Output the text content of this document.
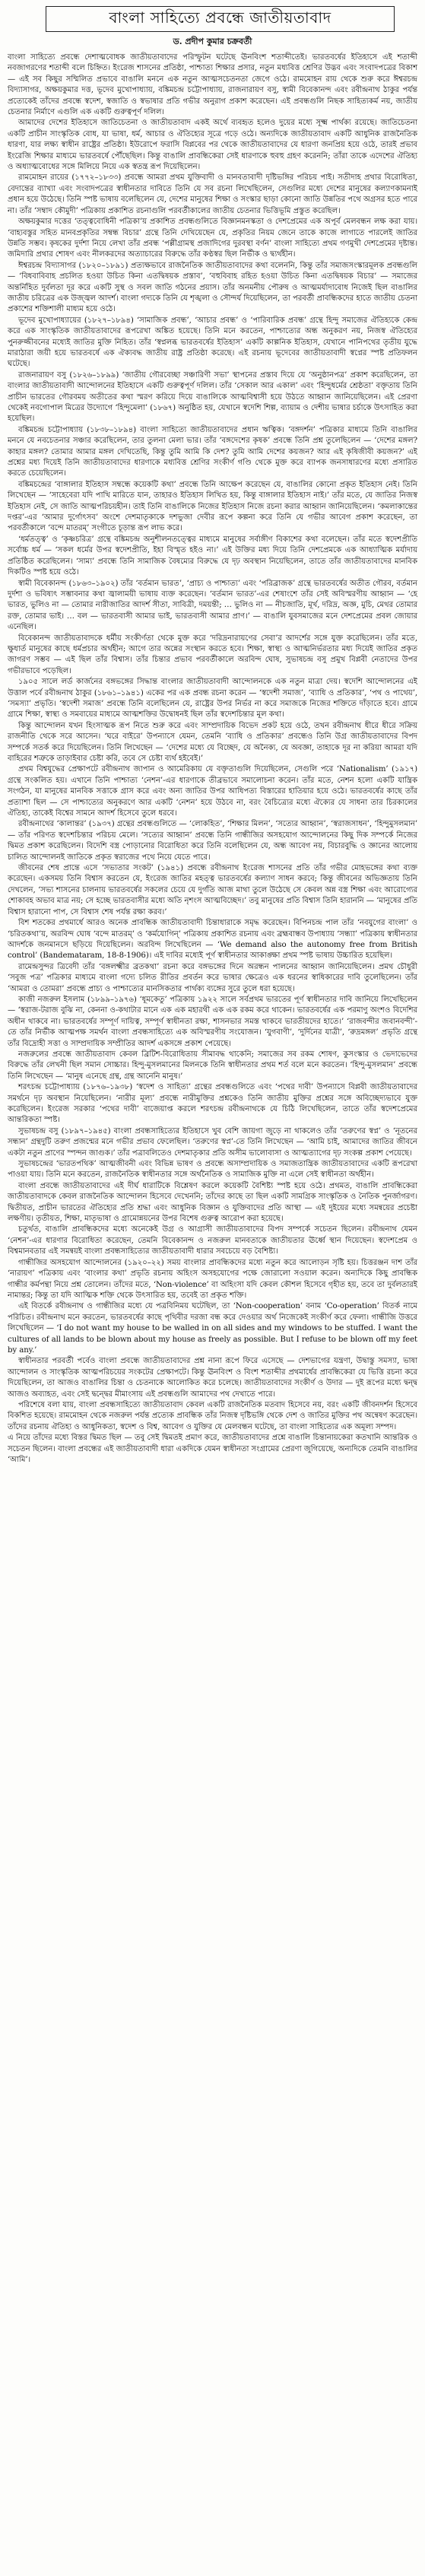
বাংলা সাহিত্যে প্রবন্ধে জাতীয়তাবাদ
ড. প্রদীপ কুমার চক্রবর্তী

বাংলা সাহিত্যে প্রবন্ধে দেশাত্মবোধক জাতীয়তাবাদের পরিস্ফুটন ঘটেছে ঊনবিংশ শতাব্দীতেই। ভারতবর্ষের ইতিহাসে এই শতাব্দী নবজাগরণের শতাব্দী বলে চিহ্নিত। ইংরেজ শাসনের প্রতিষ্ঠা, পাশ্চাত্য শিক্ষার প্রসার, নতুন মধ্যবিত্ত শ্রেণির উদ্ভব এবং সংবাদপত্রের বিকাশ — এই সব কিছুর সম্মিলিত প্রভাবে বাঙালি মননে এক নতুন আত্মসচেতনতা জেগে ওঠে। রামমোহন রায় থেকে শুরু করে ঈশ্বরচন্দ্র বিদ্যাসাগর, অক্ষয়কুমার দত্ত, ভূদেব মুখোপাধ্যায়, বঙ্কিমচন্দ্র চট্টোপাধ্যায়, রাজনারায়ণ বসু, স্বামী বিবেকানন্দ এবং রবীন্দ্রনাথ ঠাকুর পর্যন্ত প্রত্যেকেই তাঁদের প্রবন্ধে স্বদেশ, স্বজাতি ও স্বভাষার প্রতি গভীর অনুরাগ প্রকাশ করেছেন। এই প্রবন্ধগুলি নিছক সাহিত্যকর্ম নয়, জাতীয় চেতনার নির্মাণে এগুলি এক একটি গুরুত্বপূর্ণ দলিল।

আমাদের দেশের ইতিহাসে জাতিচেতনা ও জাতীয়তাবাদ একই অর্থে ব্যবহৃত হলেও দুয়ের মধ্যে সূক্ষ্ম পার্থক্য রয়েছে। জাতিচেতনা একটি প্রাচীন সাংস্কৃতিক বোধ, যা ভাষা, ধর্ম, আচার ও ঐতিহ্যের সূত্রে গড়ে ওঠে। অন্যদিকে জাতীয়তাবাদ একটি আধুনিক রাজনৈতিক ধারণা, যার লক্ষ্য স্বাধীন রাষ্ট্রের প্রতিষ্ঠা। ইউরোপে ফরাসি বিপ্লবের পর থেকে জাতীয়তাবাদের যে ধারণা জনপ্রিয় হয়ে ওঠে, তারই প্রভাব ইংরেজি শিক্ষার মাধ্যমে ভারতবর্ষে পৌঁছেছিল। কিন্তু বাঙালি প্রাবন্ধিকেরা সেই ধারণাকে হুবহু গ্রহণ করেননি; তাঁরা তাকে এদেশের ঐতিহ্য ও অধ্যাত্মবোধের সঙ্গে মিলিয়ে নিয়ে এক স্বতন্ত্র রূপ দিয়েছিলেন।

রামমোহন রায়ের (১৭৭২–১৮৩৩) প্রবন্ধে আমরা প্রথম যুক্তিবাদী ও মানবতাবাদী দৃষ্টিভঙ্গির পরিচয় পাই। সতীদাহ প্রথার বিরোধিতা, বেদান্তের ব্যাখ্যা এবং সংবাদপত্রের স্বাধীনতার দাবিতে তিনি যে সব রচনা লিখেছিলেন, সেগুলির মধ্যে দেশের মানুষের কল্যাণকামনাই প্রধান হয়ে উঠেছে। তিনি স্পষ্ট ভাষায় বলেছিলেন যে, দেশের মানুষের শিক্ষা ও সংস্কার ছাড়া কোনো জাতি উন্নতির পথে অগ্রসর হতে পারে না। তাঁর ‘সম্বাদ কৌমুদী’ পত্রিকায় প্রকাশিত রচনাগুলি পরবর্তীকালের জাতীয় চেতনার ভিত্তিভূমি প্রস্তুত করেছিল।

অক্ষয়কুমার দত্তের ‘তত্ত্ববোধিনী পত্রিকা’য় প্রকাশিত প্রবন্ধগুলিতে বিজ্ঞানমনস্কতা ও দেশপ্রেমের এক অপূর্ব মেলবন্ধন লক্ষ করা যায়। ‘বাহ্যবস্তুর সহিত মানবপ্রকৃতির সম্বন্ধ বিচার’ গ্রন্থে তিনি দেখিয়েছেন যে, প্রকৃতির নিয়ম জেনে তাকে কাজে লাগাতে পারলেই জাতির উন্নতি সম্ভব। কৃষকের দুর্দশা নিয়ে লেখা তাঁর প্রবন্ধ ‘পল্লীগ্রামস্থ প্রজাদিগের দুরবস্থা বর্ণন’ বাংলা সাহিত্যে প্রথম গণমুখী দেশপ্রেমের দৃষ্টান্ত। জমিদারি প্রথার শোষণ এবং নীলকরদের অত্যাচারের বিরুদ্ধে তাঁর কণ্ঠস্বর ছিল নির্ভীক ও দ্ব্যর্থহীন।

ঈশ্বরচন্দ্র বিদ্যাসাগর (১৮২০–১৮৯১) প্রত্যক্ষভাবে রাজনৈতিক জাতীয়তাবাদের কথা বলেননি, কিন্তু তাঁর সমাজসংস্কারমূলক প্রবন্ধগুলি — ‘বিধবাবিবাহ প্রচলিত হওয়া উচিত কিনা এতদ্বিষয়ক প্রস্তাব’, ‘বহুবিবাহ রহিত হওয়া উচিত কিনা এতদ্বিষয়ক বিচার’ — সমাজের অন্তর্নিহিত দুর্বলতা দূর করে একটি সুস্থ ও সবল জাতি গঠনের প্রয়াস। তাঁর অনমনীয় পৌরুষ ও আত্মমর্যাদাবোধ নিজেই ছিল বাঙালির জাতীয় চরিত্রের এক উজ্জ্বল আদর্শ। বাংলা গদ্যকে তিনি যে শৃঙ্খলা ও সৌন্দর্য দিয়েছিলেন, তা পরবর্তী প্রাবন্ধিকদের হাতে জাতীয় চেতনা প্রকাশের শক্তিশালী মাধ্যম হয়ে ওঠে।

ভূদেব মুখোপাধ্যায়ের (১৮২৭–১৮৯৪) ‘সামাজিক প্রবন্ধ’, ‘আচার প্রবন্ধ’ ও ‘পারিবারিক প্রবন্ধ’ গ্রন্থে হিন্দু সমাজের ঐতিহ্যকে কেন্দ্র করে এক সাংস্কৃতিক জাতীয়তাবাদের রূপরেখা অঙ্কিত হয়েছে। তিনি মনে করতেন, পাশ্চাত্যের অন্ধ অনুকরণ নয়, নিজস্ব ঐতিহ্যের পুনরুজ্জীবনের মধ্যেই জাতির মুক্তি নিহিত। তাঁর ‘স্বপ্নলব্ধ ভারতবর্ষের ইতিহাস’ একটি কাল্পনিক ইতিহাস, যেখানে পানিপথের তৃতীয় যুদ্ধে মারাঠারা জয়ী হয়ে ভারতবর্ষে এক ঐক্যবদ্ধ জাতীয় রাষ্ট্র প্রতিষ্ঠা করেছে। এই রচনায় ভূদেবের জাতীয়তাবাদী স্বপ্নের স্পষ্ট প্রতিফলন ঘটেছে।

রাজনারায়ণ বসু (১৮২৬–১৮৯৯) ‘জাতীয় গৌরবেচ্ছা সঞ্চারিণী সভা’ স্থাপনের প্রস্তাব দিয়ে যে ‘অনুষ্ঠানপত্র’ প্রকাশ করেছিলেন, তা বাংলার জাতীয়তাবাদী আন্দোলনের ইতিহাসে একটি গুরুত্বপূর্ণ দলিল। তাঁর ‘সেকাল আর একাল’ এবং ‘হিন্দুধর্মের শ্রেষ্ঠতা’ বক্তৃতায় তিনি প্রাচীন ভারতের গৌরবময় অতীতের কথা স্মরণ করিয়ে দিয়ে বাঙালিকে আত্মবিশ্বাসী হয়ে উঠতে আহ্বান জানিয়েছিলেন। এই প্রেরণা থেকেই নবগোপাল মিত্রের উদ্যোগে ‘হিন্দুমেলা’ (১৮৬৭) অনুষ্ঠিত হয়, যেখানে স্বদেশি শিল্প, ব্যায়াম ও দেশীয় ভাষার চর্চাকে উৎসাহিত করা হয়েছিল।

বঙ্কিমচন্দ্র চট্টোপাধ্যায় (১৮৩৮–১৮৯৪) বাংলা সাহিত্যে জাতীয়তাবাদের প্রধান ঋত্বিক। ‘বঙ্গদর্শন’ পত্রিকার মাধ্যমে তিনি বাঙালির মননে যে নবচেতনার সঞ্চার করেছিলেন, তার তুলনা মেলা ভার। তাঁর ‘বঙ্গদেশের কৃষক’ প্রবন্ধে তিনি প্রশ্ন তুলেছিলেন — ‘দেশের মঙ্গল? কাহার মঙ্গল? তোমার আমার মঙ্গল দেখিতেছি, কিন্তু তুমি আমি কি দেশ? তুমি আমি দেশের কয়জন? আর এই কৃষিজীবী কয়জন?’ এই প্রশ্নের মধ্য দিয়েই তিনি জাতীয়তাবাদের ধারণাকে মধ্যবিত্ত শ্রেণির সংকীর্ণ গণ্ডি থেকে মুক্ত করে ব্যাপক জনসাধারণের মধ্যে প্রসারিত করতে চেয়েছিলেন।

বঙ্কিমচন্দ্রের ‘বাঙ্গালার ইতিহাস সম্বন্ধে কয়েকটি কথা’ প্রবন্ধে তিনি আক্ষেপ করেছেন যে, বাঙালির কোনো প্রকৃত ইতিহাস নেই। তিনি লিখেছেন — ‘সাহেবেরা যদি পাখি মারিতে যান, তাহারও ইতিহাস লিখিত হয়, কিন্তু বাঙ্গালার ইতিহাস নাই।’ তাঁর মতে, যে জাতির নিজস্ব ইতিহাস নেই, সে জাতি আত্মপরিচয়হীন। তাই তিনি বাঙালিকে নিজের ইতিহাস নিজে রচনা করার আহ্বান জানিয়েছিলেন। ‘কমলাকান্তের দপ্তর’-এর ‘আমার দুর্গোৎসব’ অংশে দেশমাতৃকাকে দশভুজা দেবীর রূপে কল্পনা করে তিনি যে গভীর আবেগ প্রকাশ করেছেন, তা পরবর্তীকালে ‘বন্দে মাতরম্’ সংগীতে চূড়ান্ত রূপ লাভ করে।

‘ধর্মতত্ত্ব’ ও ‘কৃষ্ণচরিত্র’ গ্রন্থে বঙ্কিমচন্দ্র অনুশীলনতত্ত্বের মাধ্যমে মানুষের সর্বাঙ্গীণ বিকাশের কথা বলেছেন। তাঁর মতে স্বদেশপ্রীতি সর্বোচ্চ ধর্ম — ‘সকল ধর্মের উপর স্বদেশপ্রীতি, ইহা বিস্মৃত হইও না।’ এই উক্তির মধ্য দিয়ে তিনি দেশপ্রেমকে এক আধ্যাত্মিক মর্যাদায় প্রতিষ্ঠিত করেছিলেন। ‘সাম্য’ প্রবন্ধে তিনি সামাজিক বৈষম্যের বিরুদ্ধে যে দৃঢ় অবস্থান নিয়েছিলেন, তাতে তাঁর জাতীয়তাবাদের মানবিক দিকটিও স্পষ্ট হয়ে ওঠে।

স্বামী বিবেকানন্দ (১৮৬৩–১৯০২) তাঁর ‘বর্তমান ভারত’, ‘প্রাচ্য ও পাশ্চাত্য’ এবং ‘পরিব্রাজক’ গ্রন্থে ভারতবর্ষের অতীত গৌরব, বর্তমান দুর্দশা ও ভবিষ্যৎ সম্ভাবনার কথা জ্বালাময়ী ভাষায় ব্যক্ত করেছেন। ‘বর্তমান ভারত’-এর শেষাংশে তাঁর সেই অবিস্মরণীয় আহ্বান — ‘হে ভারত, ভুলিও না — তোমার নারীজাতির আদর্শ সীতা, সাবিত্রী, দময়ন্তী; … ভুলিও না — নীচজাতি, মূর্খ, দরিদ্র, অজ্ঞ, মুচি, মেথর তোমার রক্ত, তোমার ভাই। … বল — ভারতবাসী আমার ভাই, ভারতবাসী আমার প্রাণ।’ — বাঙালি যুবসমাজের মনে দেশপ্রেমের প্রবল জোয়ার এনেছিল।

বিবেকানন্দ জাতীয়তাবাদকে ধর্মীয় সংকীর্ণতা থেকে মুক্ত করে ‘দরিদ্রনারায়ণের সেবা’র আদর্শের সঙ্গে যুক্ত করেছিলেন। তাঁর মতে, ক্ষুধার্ত মানুষের কাছে ধর্মপ্রচার অর্থহীন; আগে তার অন্নের সংস্থান করতে হবে। শিক্ষা, স্বাস্থ্য ও আত্মনির্ভরতার মধ্য দিয়েই জাতির প্রকৃত জাগরণ সম্ভব — এই ছিল তাঁর বিশ্বাস। তাঁর চিন্তার প্রভাব পরবর্তীকালে অরবিন্দ ঘোষ, সুভাষচন্দ্র বসু প্রমুখ বিপ্লবী নেতাদের উপর গভীরভাবে পড়েছিল।

১৯০৫ সালে লর্ড কার্জনের বঙ্গভঙ্গের সিদ্ধান্ত বাংলার জাতীয়তাবাদী আন্দোলনকে এক নতুন মাত্রা দেয়। স্বদেশি আন্দোলনের এই উত্তাল পর্বে রবীন্দ্রনাথ ঠাকুর (১৮৬১–১৯৪১) একের পর এক প্রবন্ধ রচনা করেন — ‘স্বদেশী সমাজ’, ‘ব্যাধি ও প্রতিকার’, ‘পথ ও পাথেয়’, ‘সমস্যা’ প্রভৃতি। ‘স্বদেশী সমাজ’ প্রবন্ধে তিনি বলেছিলেন যে, রাষ্ট্রের উপর নির্ভর না করে সমাজকে নিজের শক্তিতে দাঁড়াতে হবে। গ্রামে গ্রামে শিক্ষা, স্বাস্থ্য ও সমবায়ের মাধ্যমে আত্মশক্তির উদ্বোধনই ছিল তাঁর স্বদেশচিন্তার মূল কথা।

কিন্তু আন্দোলন যখন হিংসাত্মক রূপ নিতে শুরু করে এবং সাম্প্রদায়িক বিভেদ প্রকট হয়ে ওঠে, তখন রবীন্দ্রনাথ ধীরে ধীরে সক্রিয় রাজনীতি থেকে সরে আসেন। ‘ঘরে বাইরে’ উপন্যাসে যেমন, তেমনি ‘ব্যাধি ও প্রতিকার’ প্রবন্ধেও তিনি উগ্র জাতীয়তাবাদের বিপদ সম্পর্কে সতর্ক করে দিয়েছিলেন। তিনি লিখেছেন — ‘দেশের মধ্যে যে বিচ্ছেদ, যে অনৈক্য, যে অবজ্ঞা, তাহাকে দূর না করিয়া আমরা যদি বাহিরের শত্রুকে তাড়াইবার চেষ্টা করি, তবে সে চেষ্টা ব্যর্থ হইবেই।’

প্রথম বিশ্বযুদ্ধের প্রেক্ষাপটে রবীন্দ্রনাথ জাপান ও আমেরিকায় যে বক্তৃতাগুলি দিয়েছিলেন, সেগুলি পরে ‘Nationalism’ (১৯১৭) গ্রন্থে সংকলিত হয়। এখানে তিনি পাশ্চাত্য ‘নেশন’-এর ধারণাকে তীব্রভাবে সমালোচনা করেন। তাঁর মতে, নেশন হলো একটি যান্ত্রিক সংগঠন, যা মানুষের মানবিক সত্তাকে গ্রাস করে এবং অন্য জাতির উপর আধিপত্য বিস্তারের হাতিয়ার হয়ে ওঠে। ভারতবর্ষের কাছে তাঁর প্রত্যাশা ছিল — সে পাশ্চাত্যের অনুকরণে আর একটি ‘নেশন’ হয়ে উঠবে না, বরং বৈচিত্র্যের মধ্যে ঐক্যের যে সাধনা তার চিরকালের ঐতিহ্য, তাকেই বিশ্বের সামনে আদর্শ হিসেবে তুলে ধরবে।

রবীন্দ্রনাথের ‘কালান্তর’ (১৯৩৭) গ্রন্থের প্রবন্ধগুলিতে — ‘লোকহিত’, ‘শিক্ষার মিলন’, ‘সত্যের আহ্বান’, ‘স্বরাজসাধন’, ‘হিন্দুমুসলমান’ — তাঁর পরিণত স্বদেশচিন্তার পরিচয় মেলে। ‘সত্যের আহ্বান’ প্রবন্ধে তিনি গান্ধীজির অসহযোগ আন্দোলনের কিছু দিক সম্পর্কে নিজের দ্বিমত প্রকাশ করেছিলেন। বিদেশি বস্ত্র পোড়ানোর বিরোধিতা করে তিনি বলেছিলেন যে, অন্ধ আবেগ নয়, বিচারবুদ্ধি ও জ্ঞানের আলোয় চালিত আন্দোলনই জাতিকে প্রকৃত স্বরাজের পথে নিয়ে যেতে পারে।

জীবনের শেষ প্রান্তে এসে ‘সভ্যতার সংকট’ (১৯৪১) প্রবন্ধে রবীন্দ্রনাথ ইংরেজ শাসনের প্রতি তাঁর গভীর মোহভঙ্গের কথা ব্যক্ত করেছেন। একসময় তিনি বিশ্বাস করতেন যে, ইংরেজ জাতির মহত্ত্ব ভারতবর্ষের কল্যাণ সাধন করবে; কিন্তু জীবনের অভিজ্ঞতায় তিনি দেখলেন, ‘সভ্য শাসনের চালনায় ভারতবর্ষের সকলের চেয়ে যে দুর্গতি আজ মাথা তুলে উঠেছে সে কেবল অন্ন বস্ত্র শিক্ষা এবং আরোগ্যের শোকাবহ অভাব মাত্র নয়; সে হচ্ছে ভারতবাসীর মধ্যে অতি নৃশংস আত্মবিচ্ছেদ।’ তবু মানুষের প্রতি বিশ্বাস তিনি হারাননি — ‘মানুষের প্রতি বিশ্বাস হারানো পাপ, সে বিশ্বাস শেষ পর্যন্ত রক্ষা করব।’

বিশ শতকের প্রথমার্ধে আরও অনেক প্রাবন্ধিক জাতীয়তাবাদী চিন্তাধারাকে সমৃদ্ধ করেছেন। বিপিনচন্দ্র পাল তাঁর ‘নবযুগের বাংলা’ ও ‘চরিতকথা’য়, অরবিন্দ ঘোষ ‘বন্দে মাতরম্’ ও ‘কর্মযোগিন্’ পত্রিকায় প্রকাশিত রচনায় এবং ব্রহ্মবান্ধব উপাধ্যায় ‘সন্ধ্যা’ পত্রিকায় স্বাধীনতার আদর্শকে জনমানসে ছড়িয়ে দিয়েছিলেন। অরবিন্দ লিখেছিলেন — ‘We demand also the autonomy free from British control’ (Bandemataram, 18-8-1906)। এই দাবির মধ্যেই পূর্ণ স্বাধীনতার আকাঙ্ক্ষা প্রথম স্পষ্ট ভাষায় উচ্চারিত হয়েছিল।

রামেন্দ্রসুন্দর ত্রিবেদী তাঁর ‘বঙ্গলক্ষ্মীর ব্রতকথা’ রচনা করে বঙ্গভঙ্গের দিনে অরন্ধন পালনের আহ্বান জানিয়েছিলেন। প্রমথ চৌধুরী ‘সবুজ পত্র’ পত্রিকার মাধ্যমে বাংলা গদ্যে চলিত রীতির প্রবর্তন করে ভাষার ক্ষেত্রেও এক ধরনের স্বাধিকারের দাবি তুলেছিলেন। তাঁর ‘আমরা ও তোমরা’ প্রবন্ধে প্রাচ্য ও পাশ্চাত্যের মানসিকতার পার্থক্য ব্যঙ্গের সুরে তুলে ধরা হয়েছে।

কাজী নজরুল ইসলাম (১৮৯৯–১৯৭৬) ‘ধূমকেতু’ পত্রিকায় ১৯২২ সালে সর্বপ্রথম ভারতের পূর্ণ স্বাধীনতার দাবি জানিয়ে লিখেছিলেন — ‘স্বরাজ-টরাজ বুঝি না, কেননা ও-কথাটার মানে এক এক মহারথী এক এক রকম করে থাকেন। ভারতবর্ষের এক পরমাণু অংশও বিদেশির অধীন থাকবে না। ভারতবর্ষের সম্পূর্ণ দায়িত্ব, সম্পূর্ণ স্বাধীনতা রক্ষা, শাসনভার সমস্ত থাকবে ভারতীয়দের হাতে।’ ‘রাজবন্দীর জবানবন্দী’-তে তাঁর নির্ভীক আত্মপক্ষ সমর্থন বাংলা প্রবন্ধসাহিত্যে এক অবিস্মরণীয় সংযোজন। ‘যুগবাণী’, ‘দুর্দিনের যাত্রী’, ‘রুদ্রমঙ্গল’ প্রভৃতি গ্রন্থে তাঁর বিদ্রোহী সত্তা ও সাম্প্রদায়িক সম্প্রীতির আদর্শ একসঙ্গে প্রকাশ পেয়েছে।

নজরুলের প্রবন্ধে জাতীয়তাবাদ কেবল ব্রিটিশ-বিরোধিতায় সীমাবদ্ধ থাকেনি; সমাজের সব রকম শোষণ, কুসংস্কার ও ভেদাভেদের বিরুদ্ধে তাঁর লেখনী ছিল সমান সোচ্চার। হিন্দু-মুসলমানের মিলনকে তিনি স্বাধীনতার প্রথম শর্ত বলে মনে করতেন। ‘হিন্দু-মুসলমান’ প্রবন্ধে তিনি লিখেছেন — ‘মানুষ এনেছে গ্রন্থ, গ্রন্থ আনেনি মানুষ।’

শরৎচন্দ্র চট্টোপাধ্যায় (১৮৭৬–১৯৩৮) ‘স্বদেশ ও সাহিত্য’ গ্রন্থের প্রবন্ধগুলিতে এবং ‘পথের দাবী’ উপন্যাসে বিপ্লবী জাতীয়তাবাদের সমর্থনে দৃঢ় অবস্থান নিয়েছিলেন। ‘নারীর মূল্য’ প্রবন্ধে নারীমুক্তির প্রশ্নকেও তিনি জাতীয় মুক্তির প্রশ্নের সঙ্গে অবিচ্ছেদ্যভাবে যুক্ত করেছিলেন। ইংরেজ সরকার ‘পথের দাবী’ বাজেয়াপ্ত করলে শরৎচন্দ্র রবীন্দ্রনাথকে যে চিঠি লিখেছিলেন, তাতে তাঁর স্বদেশপ্রেমের আন্তরিকতা স্পষ্ট।

সুভাষচন্দ্র বসু (১৮৯৭–১৯৪৫) বাংলা প্রবন্ধসাহিত্যের ইতিহাসে খুব বেশি জায়গা জুড়ে না থাকলেও তাঁর ‘তরুণের স্বপ্ন’ ও ‘নূতনের সন্ধান’ গ্রন্থদুটি তরুণ প্রজন্মের মনে গভীর প্রভাব ফেলেছিল। ‘তরুণের স্বপ্ন’-তে তিনি লিখেছেন — ‘আমি চাই, আমাদের জাতির জীবনে একটা নতুন প্রাণের স্পন্দন জাগুক।’ তাঁর পত্রাবলিতেও দেশমাতৃকার প্রতি অসীম ভালোবাসা ও আত্মত্যাগের দৃঢ় সংকল্প প্রকাশ পেয়েছে।

সুভাষচন্দ্রের ‘ভারতপথিক’ আত্মজীবনী এবং বিভিন্ন ভাষণ ও প্রবন্ধে অসাম্প্রদায়িক ও সমাজতান্ত্রিক জাতীয়তাবাদের একটি রূপরেখা পাওয়া যায়। তিনি মনে করতেন, রাজনৈতিক স্বাধীনতার সঙ্গে অর্থনৈতিক ও সামাজিক মুক্তি না এলে সেই স্বাধীনতা অর্থহীন।

বাংলা প্রবন্ধে জাতীয়তাবাদের এই দীর্ঘ ধারাটিকে বিশ্লেষণ করলে কয়েকটি বৈশিষ্ট্য স্পষ্ট হয়ে ওঠে। প্রথমত, বাঙালি প্রাবন্ধিকেরা জাতীয়তাবাদকে কেবল রাজনৈতিক আন্দোলন হিসেবে দেখেননি; তাঁদের কাছে তা ছিল একটি সামগ্রিক সাংস্কৃতিক ও নৈতিক পুনর্জাগরণ। দ্বিতীয়ত, প্রাচীন ভারতের ঐতিহ্যের প্রতি শ্রদ্ধা এবং আধুনিক বিজ্ঞান ও যুক্তিবাদের প্রতি আস্থা — এই দুইয়ের মধ্যে সমন্বয়ের প্রচেষ্টা লক্ষণীয়। তৃতীয়ত, শিক্ষা, মাতৃভাষা ও গ্রামোন্নয়নের উপর বিশেষ গুরুত্ব আরোপ করা হয়েছে।

চতুর্থত, বাঙালি প্রাবন্ধিকদের মধ্যে অনেকেই উগ্র ও আগ্রাসী জাতীয়তাবাদের বিপদ সম্পর্কে সচেতন ছিলেন। রবীন্দ্রনাথ যেমন ‘নেশন’-এর ধারণার বিরোধিতা করেছেন, তেমনি বিবেকানন্দ ও নজরুল মানবতাকে জাতীয়তার ঊর্ধ্বে স্থান দিয়েছেন। স্বদেশপ্রেম ও বিশ্বমানবতার এই সমন্বয়ই বাংলা প্রবন্ধসাহিত্যের জাতীয়তাবাদী ধারার সবচেয়ে বড় বৈশিষ্ট্য।

গান্ধীজির অসহযোগ আন্দোলনের (১৯২০–২২) সময় বাংলার প্রাবন্ধিকদের মধ্যে নতুন করে আলোড়ন সৃষ্টি হয়। চিত্তরঞ্জন দাশ তাঁর ‘নারায়ণ’ পত্রিকায় এবং ‘বাংলার কথা’ প্রভৃতি রচনায় অহিংস অসহযোগের পক্ষে জোরালো সওয়াল করেন। অন্যদিকে কিছু প্রাবন্ধিক গান্ধীর কর্মপন্থা নিয়ে প্রশ্ন তোলেন। তাঁদের মতে, ‘Non-violence’ বা অহিংসা যদি কেবল কৌশল হিসেবে গৃহীত হয়, তবে তা দুর্বলতারই নামান্তর; কিন্তু তা যদি আত্মিক শক্তি থেকে উৎসারিত হয়, তবেই তা প্রকৃত শক্তি।

এই বিতর্কে রবীন্দ্রনাথ ও গান্ধীজির মধ্যে যে পত্রবিনিময় ঘটেছিল, তা ‘Non-cooperation’ বনাম ‘Co-operation’ বিতর্ক নামে পরিচিত। রবীন্দ্রনাথ মনে করতেন, ভারতবর্ষের কাছে পৃথিবীর দরজা বন্ধ করে দেওয়ার অর্থ নিজেকেই সংকীর্ণ করে ফেলা। গান্ধীজি উত্তরে লিখেছিলেন — ‘I do not want my house to be walled in on all sides and my windows to be stuffed. I want the cultures of all lands to be blown about my house as freely as possible. But I refuse to be blown off my feet by any.’

স্বাধীনতার পরবর্তী পর্বেও বাংলা প্রবন্ধে জাতীয়তাবাদের প্রশ্ন নানা রূপে ফিরে এসেছে — দেশভাগের যন্ত্রণা, উদ্বাস্তু সমস্যা, ভাষা আন্দোলন ও সাংস্কৃতিক আত্মপরিচয়ের সংকটের প্রেক্ষাপটে। কিন্তু ঊনবিংশ ও বিংশ শতাব্দীর প্রথমার্ধের প্রাবন্ধিকেরা যে ভিত্তি রচনা করে দিয়েছিলেন, তা আজও বাঙালির চিন্তা ও চেতনাকে আলোকিত করে চলেছে। জাতীয়তাবাদের সংকীর্ণ ও উদার — দুই রূপের মধ্যে দ্বন্দ্ব আজও অব্যাহত, এবং সেই দ্বন্দ্বের মীমাংসায় এই প্রবন্ধগুলি আমাদের পথ দেখাতে পারে।

পরিশেষে বলা যায়, বাংলা প্রবন্ধসাহিত্যে জাতীয়তাবাদ কেবল একটি রাজনৈতিক মতবাদ হিসেবে নয়, বরং একটি জীবনদর্শন হিসেবে বিকশিত হয়েছে। রামমোহন থেকে নজরুল পর্যন্ত প্রত্যেক প্রাবন্ধিক তাঁর নিজস্ব দৃষ্টিভঙ্গি থেকে দেশ ও জাতির মুক্তির পথ অন্বেষণ করেছেন। তাঁদের রচনায় ঐতিহ্য ও আধুনিকতা, স্বদেশ ও বিশ্ব, আবেগ ও যুক্তির যে মেলবন্ধন ঘটেছে, তা বাংলা সাহিত্যের এক অমূল্য সম্পদ।

এ নিয়ে তাঁদের মধ্যে বিস্তর দ্বিমত ছিল — তবু সেই দ্বিমতই প্রমাণ করে, জাতীয়তাবাদের প্রশ্নে বাঙালি চিন্তানায়কেরা কতখানি আন্তরিক ও সচেতন ছিলেন। বাংলা প্রবন্ধের এই জাতীয়তাবাদী ধারা একদিকে যেমন স্বাধীনতা সংগ্রামের প্রেরণা জুগিয়েছে, অন্যদিকে তেমনি বাঙালির ‘আমি’।
